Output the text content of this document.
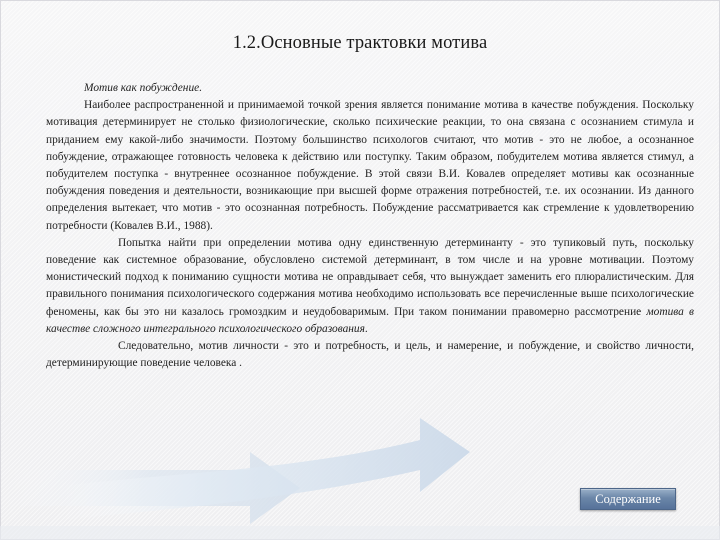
1.2.Основные трактовки мотива

Мотив как побуждение.

Наиболее распространенной и принимаемой точкой зрения является понимание мотива в качестве побуждения. Поскольку мотивация детерминирует не столько физиологические, сколько психические реакции, то она связана с осознанием стимула и приданием ему какой-либо значимости. Поэтому большинство психологов считают, что мотив - это не любое, а осознанное побуждение, отражающее готовность человека к действию или поступку. Таким образом, побудителем мотива является стимул, а побудителем поступка - внутреннее осознанное побуждение. В этой связи В.И. Ковалев определяет мотивы как осознанные побуждения поведения и деятельности, возникающие при высшей форме отражения потребностей, т.е. их осознании. Из данного определения вытекает, что мотив - это осознанная потребность. Побуждение рассматривается как стремление к удовлетворению потребности (Ковалев В.И., 1988).

Попытка найти при определении мотива одну единственную детерминанту - это тупиковый путь, поскольку поведение как системное образование, обусловлено системой детерминант, в том числе и на уровне мотивации. Поэтому монистический подход к пониманию сущности мотива не оправдывает себя, что вынуждает заменить его плюралистическим. Для правильного понимания психологического содержания мотива необходимо использовать все перечисленные выше психологические феномены, как бы это ни казалось громоздким и неудобоваримым. При таком понимании правомерно рассмотрение мотива в качестве сложного интегрального психологического образования.

Следовательно, мотив личности - это и потребность, и цель, и намерение, и побуждение, и свойство личности, детерминирующие поведение человека .

Содержание
